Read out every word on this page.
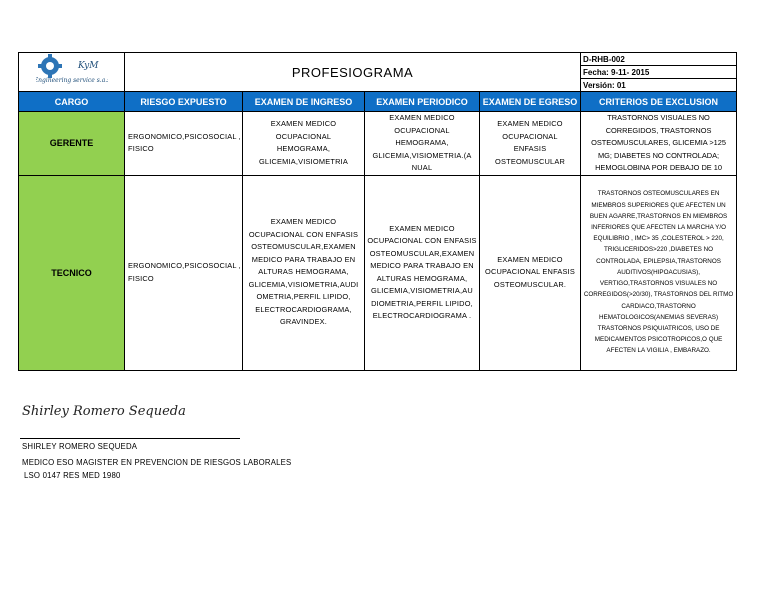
KyM
Engineering service s.a.s	PROFESIOGRAMA				D-RHB-002
					Fecha: 9-11- 2015
					Versión: 01
CARGO	RIESGO EXPUESTO	EXAMEN DE INGRESO	EXAMEN PERIODICO	EXAMEN DE EGRESO	CRITERIOS DE EXCLUSION
GERENTE	ERGONOMICO,PSICOSOCIAL , FISICO	EXAMEN MEDICO OCUPACIONAL HEMOGRAMA, GLICEMIA,VISIOMETRIA	EXAMEN MEDICO OCUPACIONAL HEMOGRAMA, GLICEMIA,VISIOMETRIA.(A NUAL	EXAMEN MEDICO OCUPACIONAL ENFASIS OSTEOMUSCULAR	TRASTORNOS VISUALES NO CORREGIDOS, TRASTORNOS OSTEOMUSCULARES, GLICEMIA >125 MG; DIABETES NO CONTROLADA; HEMOGLOBINA POR DEBAJO DE 10
TECNICO	ERGONOMICO,PSICOSOCIAL , FISICO	EXAMEN MEDICO OCUPACIONAL CON ENFASIS OSTEOMUSCULAR,EXAMEN MEDICO PARA TRABAJO EN ALTURAS HEMOGRAMA, GLICEMIA,VISIOMETRIA,AUDI OMETRIA,PERFIL LIPIDO, ELECTROCARDIOGRAMA, GRAVINDEX.	EXAMEN MEDICO OCUPACIONAL CON ENFASIS OSTEOMUSCULAR,EXAMEN MEDICO PARA TRABAJO EN ALTURAS HEMOGRAMA, GLICEMIA,VISIOMETRIA,AU DIOMETRIA,PERFIL LIPIDO, ELECTROCARDIOGRAMA .	EXAMEN MEDICO OCUPACIONAL ENFASIS OSTEOMUSCULAR.	TRASTORNOS OSTEOMUSCULARES EN MIEMBROS SUPERIORES QUE AFECTEN UN BUEN AGARRE,TRASTORNOS EN MIEMBROS INFERIORES QUE AFECTEN LA MARCHA Y/O EQUILIBRIO , IMC> 35 ,COLESTEROL > 220, TRIGLICERIDOS>220 ,DIABETES NO CONTROLADA, EPILEPSIA,TRASTORNOS AUDITIVOS(HIPOACUSIAS), VERTIGO,TRASTORNOS VISUALES NO CORREGIDOS(>20/30), TRASTORNOS DEL RITMO CARDIACO,TRASTORNO HEMATOLOGICOS(ANEMIAS SEVERAS) TRASTORNOS PSIQUIATRICOS, USO DE MEDICAMENTOS PSICOTROPICOS,O QUE AFECTEN LA VIGILIA , EMBARAZO.
Shirley Romero Sequeda
SHIRLEY ROMERO SEQUEDA
MEDICO ESO MAGISTER EN PREVENCION DE RIESGOS LABORALES
LSO 0147 RES MED 1980
